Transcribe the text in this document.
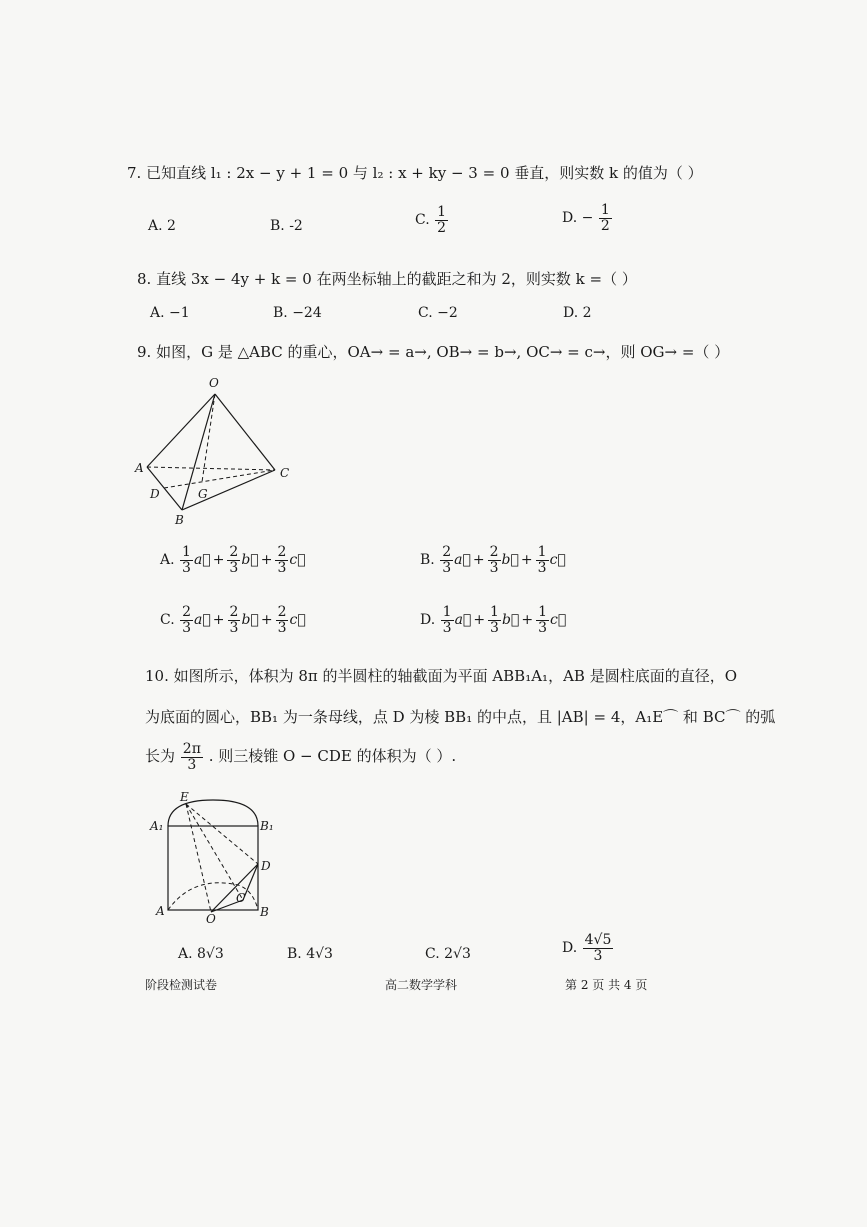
7. 已知直线 l₁ : 2x − y + 1 = 0 与 l₂ : x + ky − 3 = 0 垂直，则实数 k 的值为（ ）
A. 2	B. -2	C. $\frac{1}{2}$	D. − $\frac{1}{2}$
8. 直线 3x − 4y + k = 0 在两坐标轴上的截距之和为 2，则实数 k =（ ）
A. −1	B. −24	C. −2	D. 2
9. 如图，G 是 △ABC 的重心，OA→ = a→, OB→ = b→, OC→ = c→，则 OG→ =（ ）
O
A	C
D	G
B
A. $\frac{1}{3}$ a⃗ + $\frac{2}{3}$ b⃗ + $\frac{2}{3}$ c⃗	B. $\frac{2}{3}$ a⃗ + $\frac{2}{3}$ b⃗ + $\frac{1}{3}$ c⃗
C. $\frac{2}{3}$ a⃗ + $\frac{2}{3}$ b⃗ + $\frac{2}{3}$ c⃗	D. $\frac{1}{3}$ a⃗ + $\frac{1}{3}$ b⃗ + $\frac{1}{3}$ c⃗
10. 如图所示，体积为 8π 的半圆柱的轴截面为平面 ABB₁A₁，AB 是圆柱底面的直径，O
为底面的圆心，BB₁ 为一条母线，点 D 为棱 BB₁ 的中点，且 |AB| = 4，A₁E⌒ 和 BC⌒ 的弧
长为 $\frac{2\pi}{3}$ . 则三棱锥 O − CDE 的体积为（ ）.
E
A₁	B₁
D
C
A
O	B
A. 8√3	B. 4√3	C. 2√3	D. $\frac{4√5}{3}$
阶段检测试卷	高二数学学科	第 2 页 共 4 页
